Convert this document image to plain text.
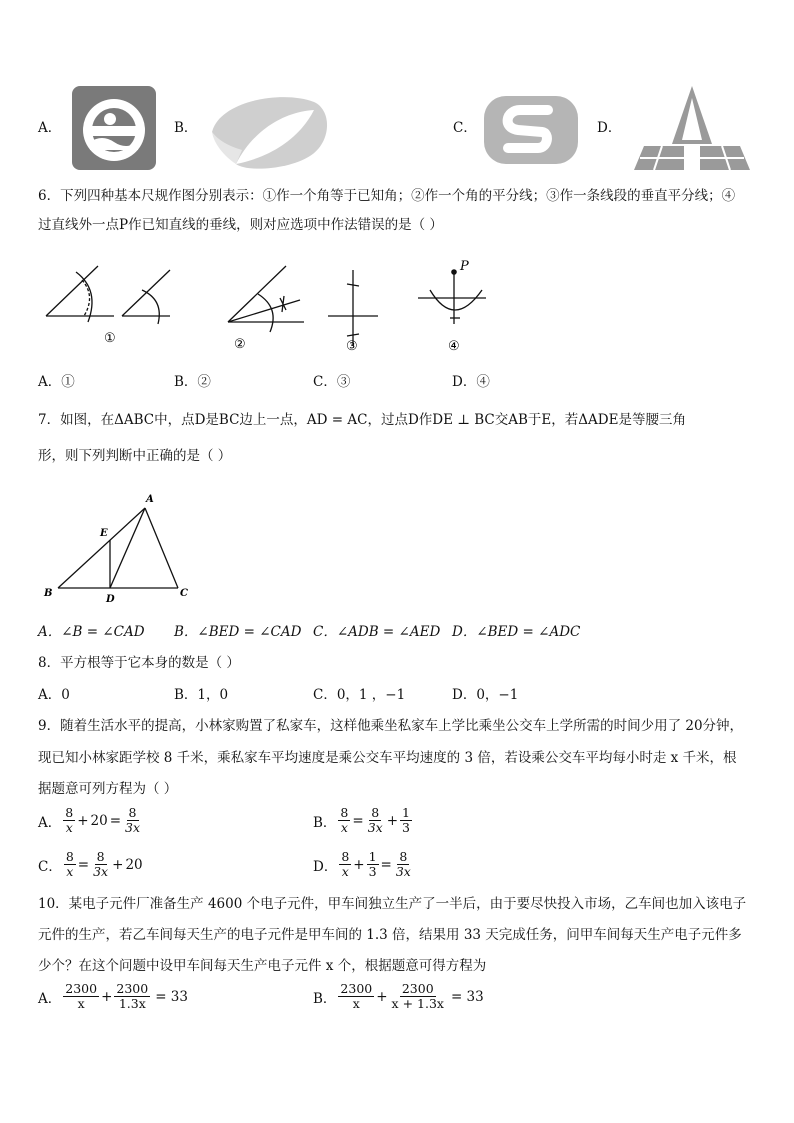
A．	B．	C．	D．
6．下列四种基本尺规作图分别表示：①作一个角等于已知角；②作一个角的平分线；③作一条线段的垂直平分线；④
过直线外一点P作已知直线的垂线，则对应选项中作法错误的是（ ）
①	②	③
P
④
A．①	B．②	C．③	D．④
7．如图，在ΔABC中，点D是BC边上一点，AD = AC，过点D作DE ⊥ BC交AB于E，若ΔADE是等腰三角
形，则下列判断中正确的是（ ）
A
B	C
D
E
A．∠B = ∠CAD B．∠BED = ∠CAD C．∠ADB = ∠AED D．∠BED = ∠ADC
8．平方根等于它本身的数是（ ）
A．0	B．1，0	C．0，1 ，−1	D．0，−1
9．随着生活水平的提高，小林家购置了私家车，这样他乘坐私家车上学比乘坐公交车上学所需的时间少用了 20分钟，
现已知小林家距学校 8 千米，乘私家车平均速度是乘公交车平均速度的 3 倍，若设乘公交车平均每小时走 x 千米，根
据题意可列方程为（ ）
A． $\frac{8}{x} + 20 = \frac{8}{3x}$	B． $\frac{8}{x} = \frac{8}{3x} + \frac{1}{3}$
C． $\frac{8}{x} = \frac{8}{3x} + 20$	D． $\frac{8}{x} + \frac{1}{3} = \frac{8}{3x}$
10．某电子元件厂准备生产 4600 个电子元件，甲车间独立生产了一半后，由于要尽快投入市场，乙车间也加入该电子
元件的生产，若乙车间每天生产的电子元件是甲车间的 1.3 倍，结果用 33 天完成任务，问甲车间每天生产电子元件多
少个？在这个问题中设甲车间每天生产电子元件 x 个，根据题意可得方程为
A． $\frac{2300}{x} + \frac{2300}{1.3x} = 33$	B． $\frac{2300}{x} + \frac{2300}{x + 1.3x} = 33$
